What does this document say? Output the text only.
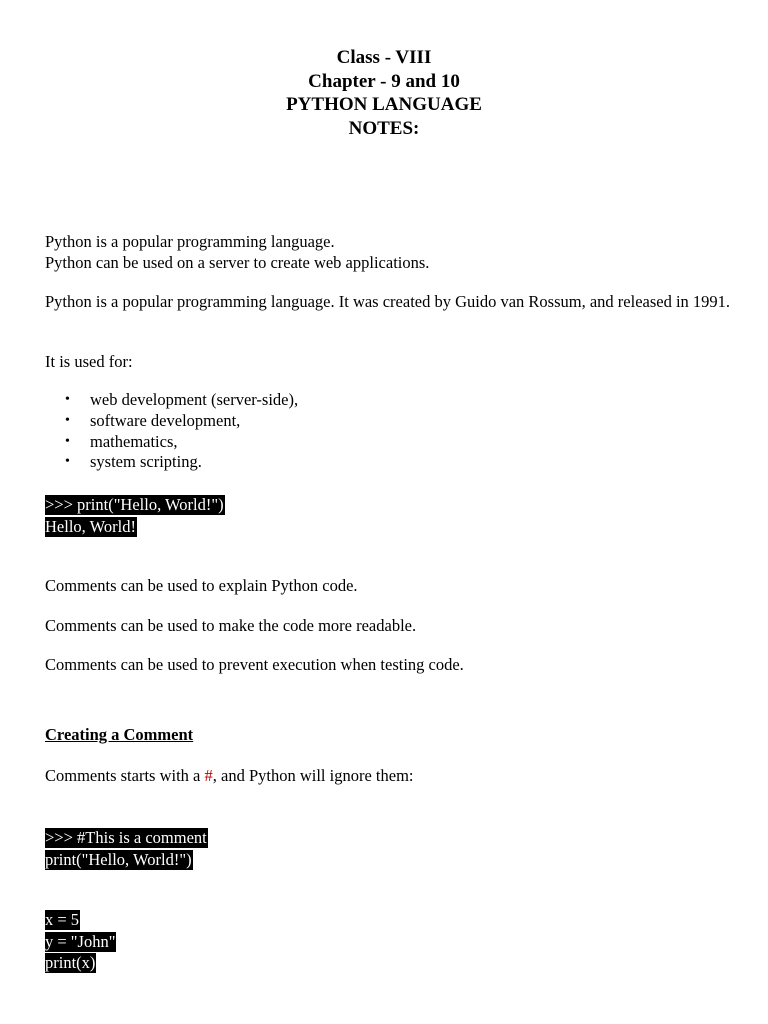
Class - VIII
Chapter - 9 and 10
PYTHON LANGUAGE
NOTES:

Python is a popular programming language.

Python can be used on a server to create web applications.

Python is a popular programming language. It was created by Guido van Rossum, and released in 1991.

It is used for:

• web development (server-side),
• software development,
• mathematics,
• system scripting.
>>> print("Hello, World!")
Hello, World!

Comments can be used to explain Python code.

Comments can be used to make the code more readable.

Comments can be used to prevent execution when testing code.

Creating a Comment

Comments starts with a #, and Python will ignore them:

>>> #This is a comment
print("Hello, World!")
x = 5
y = "John"
print(x)
